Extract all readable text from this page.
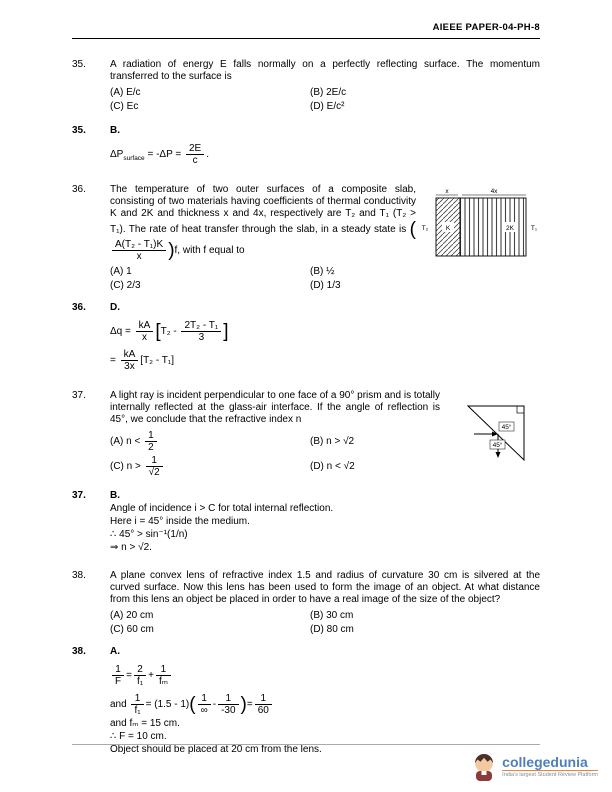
AIEEE PAPER-04-PH-8
35.	A radiation of energy E falls normally on a perfectly reflecting surface. The momentum transferred to the surface is

(A) E/c	(B) 2E/c
(C) Ec	(D) E/c²
35.	B.
$\Delta P_{surface} = -\Delta P = \frac{2E}{c}$ .
36.	x	4x
K	2K
T₂	T₁

The temperature of two outer surfaces of a composite slab, consisting of two materials having coefficients of thermal conductivity K and 2K and thickness x and 4x, respectively are T₂ and T₁ (T₂ > T₁). The rate of heat transfer through the slab, in a steady state is (
$\frac{\text{A(T₂ - T₁)K}}{x} )f$, with f equal to

(A) 1	(B) ½
(C) 2/3	(D) 1/3
36.	D.
$\Delta q = \frac{kA}{x} [T_2 - \frac{\text{2T₂ - T₁}}{3}$ ]
= $\frac{kA}{3x} [T_2 - T_1]$
37.
45°
45°

A light ray is incident perpendicular to one face of a 90° prism and is totally internally reflected at the glass-air interface. If the angle of reflection is 45°, we conclude that the refractive index n

(A) $n < \frac{1}{2}$	(B) n > √2
(C) $n > \frac{1}{√2}$	(D) n < √2
37.	B.
Angle of incidence i > C for total internal reflection.
Here i = 45° inside the medium.
∴ 45° > sin⁻¹(1/n)
⇒ n > √2.
38.	A plane convex lens of refractive index 1.5 and radius of curvature 30 cm is silvered at the curved surface. Now this lens has been used to form the image of an object. At what distance from this lens an object be placed in order to have a real image of the size of the object?

(A) 20 cm	(B) 30 cm
(C) 60 cm	(D) 80 cm
38.	A.
$\frac{1}{F} = \frac{2}{\text{f₁}} + \frac{1}{\text{fₘ}}$
and $\frac{1}{\text{f₁}} = (1.5 - 1)( \frac{1}{\infty} - \frac{1}{-30}$ )= $\frac{1}{60}$
and fₘ = 15 cm.
∴ F = 10 cm.
Object should be placed at 20 cm from the lens.
collegedunia
India's largest Student Review Platform
